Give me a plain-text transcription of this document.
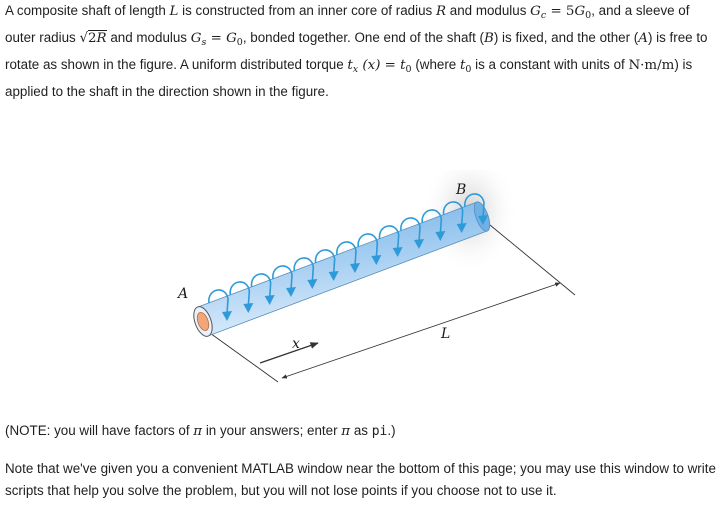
A composite shaft of length L is constructed from an inner core of radius R and modulus $G_c = 5G_0$, and a sleeve of outer radius √2R and modulus $G_s = G_0$, bonded together. One end of the shaft (B) is fixed, and the other (A) is free to rotate as shown in the figure. A uniform distributed torque $t_x$ $(x) = t_0$ (where $t_0$ is a constant with units of N·m/m) is applied to the shaft in the direction shown in the figure.

A
B
x
L

(NOTE: you will have factors of π in your answers; enter π as pi.)

Note that we've given you a convenient MATLAB window near the bottom of this page; you may use this window to write scripts that help you solve the problem, but you will not lose points if you choose not to use it.
